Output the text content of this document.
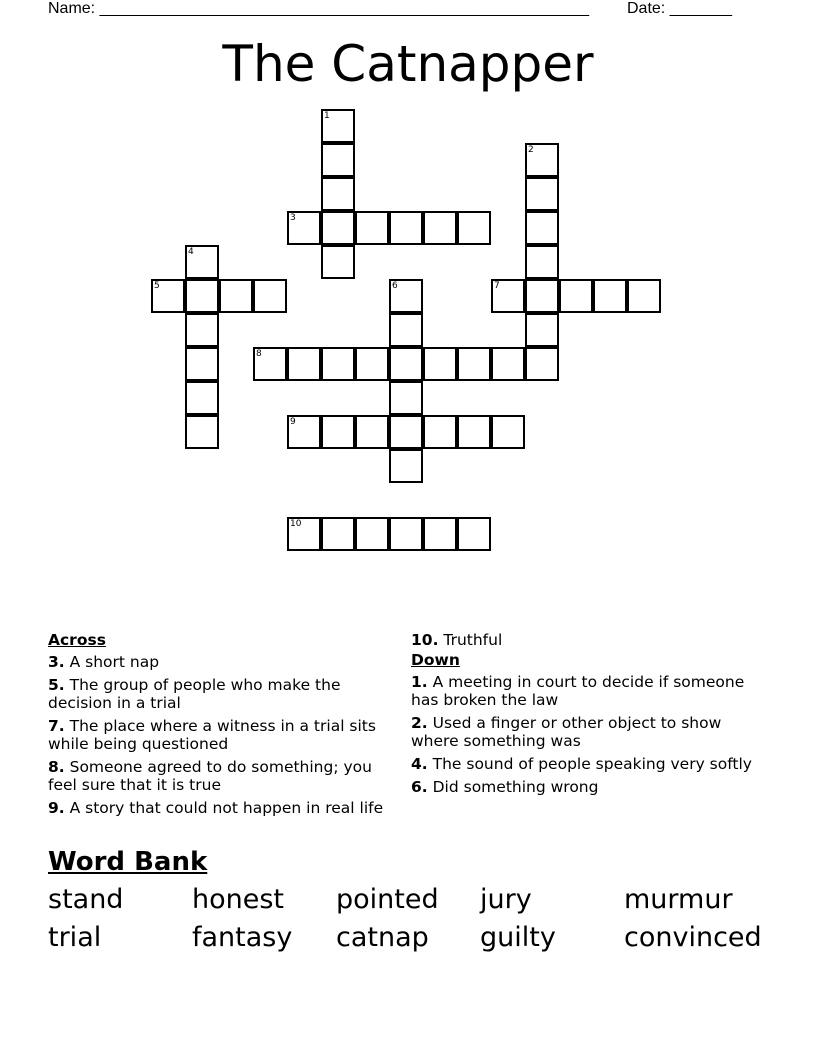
Name: _______________________________________________________ Date: _______
The Catnapper
1
2
3
4
5	6	7
8
9
10
Across
3. A short nap
5. The group of people who make the decision in a trial
7. The place where a witness in a trial sits while being questioned
8. Someone agreed to do something; you feel sure that it is true
9. A story that could not happen in real life
10. Truthful
Down
1. A meeting in court to decide if someone has broken the law
2. Used a finger or other object to show where something was
4. The sound of people speaking very softly
6. Did something wrong
Word Bank
stand	honest pointed jury	murmur
trial	fantasy catnap guilty	convinced
